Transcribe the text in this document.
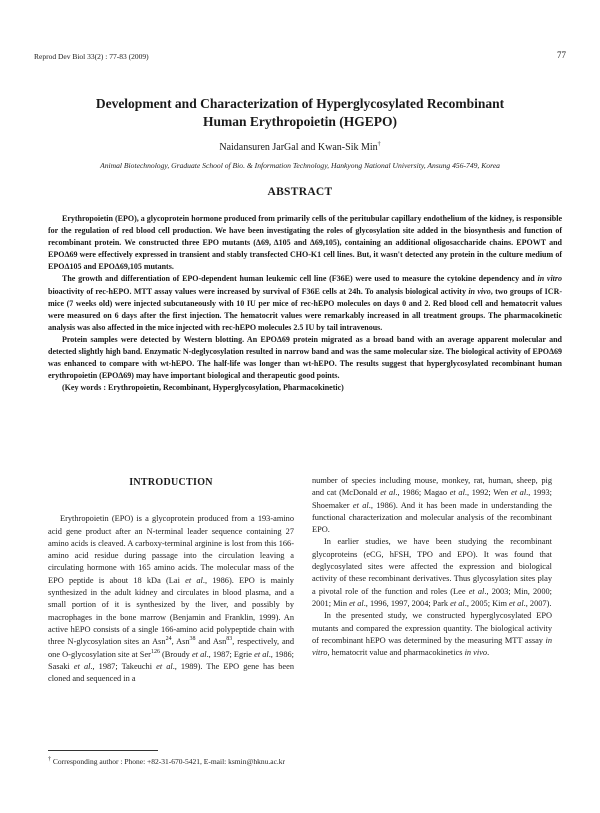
Reprod Dev Biol 33(2) : 77-83 (2009)	77
Development and Characterization of Hyperglycosylated Recombinant
Human Erythropoietin (HGEPO)
Naidansuren JarGal and Kwan-Sik Min†
Animal Biotechnology, Graduate School of Bio. & Information Technology, Hankyong National University, Ansung 456-749, Korea
ABSTRACT

Erythropoietin (EPO), a glycoprotein hormone produced from primarily cells of the peritubular capillary endothelium of the kidney, is responsible for the regulation of red blood cell production. We have been investigating the roles of glycosylation site added in the biosynthesis and function of recombinant protein. We constructed three EPO mutants (Δ69, Δ105 and Δ69,105), containing an additional oligosaccharide chains. EPOWT and EPOΔ69 were effectively expressed in transient and stably transfected CHO-K1 cell lines. But, it wasn't detected any protein in the culture medium of EPOΔ105 and EPOΔ69,105 mutants.

The growth and differentiation of EPO-dependent human leukemic cell line (F36E) were used to measure the cytokine dependency and in vitro bioactivity of rec-hEPO. MTT assay values were increased by survival of F36E cells at 24h. To analysis biological activity in vivo, two groups of ICR-mice (7 weeks old) were injected subcutaneously with 10 IU per mice of rec-hEPO molecules on days 0 and 2. Red blood cell and hematocrit values were measured on 6 days after the first injection. The hematocrit values were remarkably increased in all treatment groups. The pharmacokinetic analysis was also affected in the mice injected with rec-hEPO molecules 2.5 IU by tail intravenous.

Protein samples were detected by Western blotting. An EPOΔ69 protein migrated as a broad band with an average apparent molecular and detected slightly high band. Enzymatic N-deglycosylation resulted in narrow band and was the same molecular size. The biological activity of EPOΔ69 was enhanced to compare with wt-hEPO. The half-life was longer than wt-hEPO. The results suggest that hyperglycosylated recombinant human erythropoietin (EPOΔ69) may have important biological and therapeutic good points.

(Key words : Erythropoietin, Recombinant, Hyperglycosylation, Pharmacokinetic)

INTRODUCTION

Erythropoietin (EPO) is a glycoprotein produced from a 193-amino acid gene product after an N-terminal leader sequence containing 27 amino acids is cleaved. A carboxy-terminal arginine is lost from this 166-amino acid residue during passage into the circulation leaving a circulating hormone with 165 amino acids. The molecular mass of the EPO peptide is about 18 kDa (Lai et al., 1986). EPO is mainly synthesized in the adult kidney and circulates in blood plasma, and a small portion of it is synthesized by the liver, and possibly by macrophages in the bone marrow (Benjamin and Franklin, 1999). An active hEPO consists of a single 166-amino acid polypeptide chain with three N-glycosylation sites an Asn$^{24}$, Asn$^{38}$ and Asn$^{83}$, respectively, and one O-glycosylation site at Ser$^{126}$ (Broudy et al., 1987; Egrie et al., 1986; Sasaki et al., 1987; Takeuchi et al., 1989). The EPO gene has been cloned and sequenced in a

number of species including mouse, monkey, rat, human, sheep, pig and cat (McDonald et al., 1986; Magao et al., 1992; Wen et al., 1993; Shoemaker et al., 1986). And it has been made in understanding the functional characterization and molecular analysis of the recombinant EPO.

In earlier studies, we have been studying the recombinant glycoproteins (eCG, hFSH, TPO and EPO). It was found that deglycosylated sites were affected the expression and biological activity of these recombinant derivatives. Thus glycosylation sites play a pivotal role of the function and roles (Lee et al., 2003; Min, 2000; 2001; Min et al., 1996, 1997, 2004; Park et al., 2005; Kim et al., 2007).

In the presented study, we constructed hyperglycosylated EPO mutants and compared the expression quantity. The biological activity of recombinant hEPO was determined by the measuring MTT assay in vitro, hematocrit value and pharmacokinetics in vivo.

† Corresponding author : Phone: +82-31-670-5421, E-mail: ksmin@hknu.ac.kr
